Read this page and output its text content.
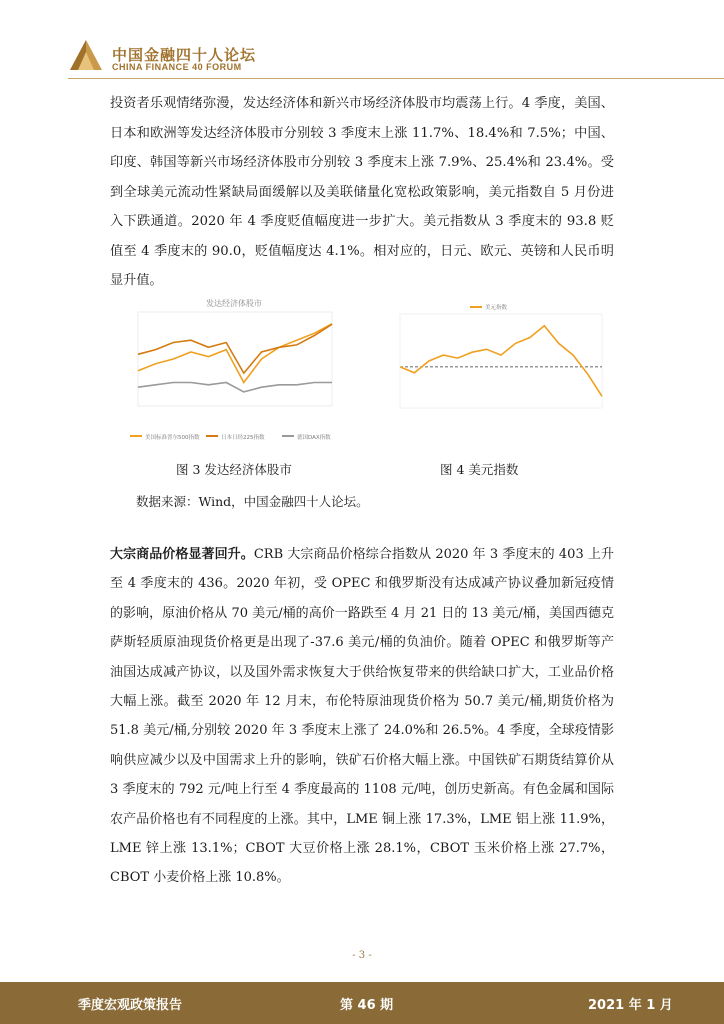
中国金融四十人论坛
CHINA FINANCE 40 FORUM
投资者乐观情绪弥漫，发达经济体和新兴市场经济体股市均震荡上行。4 季度，美国、日本和欧洲等发达经济体股市分别较 3 季度末上涨 11.7%、18.4%和 7.5%；中国、印度、韩国等新兴市场经济体股市分别较 3 季度末上涨 7.9%、25.4%和 23.4%。受到全球美元流动性紧缺局面缓解以及美联储量化宽松政策影响，美元指数自 5 月份进入下跌通道。2020 年 4 季度贬值幅度进一步扩大。美元指数从 3 季度末的 93.8 贬值至 4 季度末的 90.0，贬值幅度达 4.1%。相对应的，日元、欧元、英镑和人民币明显升值。
发达经济体股市
美国标准普尔500指数	日本日经225指数	德国DAX指数
美元指数
图 3 发达经济体股市	图 4 美元指数
数据来源：Wind，中国金融四十人论坛。
大宗商品价格显著回升。CRB 大宗商品价格综合指数从 2020 年 3 季度末的 403 上升至 4 季度末的 436。2020 年初，受 OPEC 和俄罗斯没有达成减产协议叠加新冠疫情的影响，原油价格从 70 美元/桶的高价一路跌至 4 月 21 日的 13 美元/桶，美国西德克萨斯轻质原油现货价格更是出现了-37.6 美元/桶的负油价。随着 OPEC 和俄罗斯等产油国达成减产协议，以及国外需求恢复大于供给恢复带来的供给缺口扩大，工业品价格大幅上涨。截至 2020 年 12 月末，布伦特原油现货价格为 50.7 美元/桶,期货价格为 51.8 美元/桶,分别较 2020 年 3 季度末上涨了 24.0%和 26.5%。4 季度，全球疫情影响供应减少以及中国需求上升的影响，铁矿石价格大幅上涨。中国铁矿石期货结算价从 3 季度末的 792 元/吨上行至 4 季度最高的 1108 元/吨，创历史新高。有色金属和国际农产品价格也有不同程度的上涨。其中，LME 铜上涨 17.3%，LME 铝上涨 11.9%，LME 锌上涨 13.1%；CBOT 大豆价格上涨 28.1%，CBOT 玉米价格上涨 27.7%，CBOT 小麦价格上涨 10.8%。
- 3 -
季度宏观政策报告	第 46 期	2021 年 1 月
